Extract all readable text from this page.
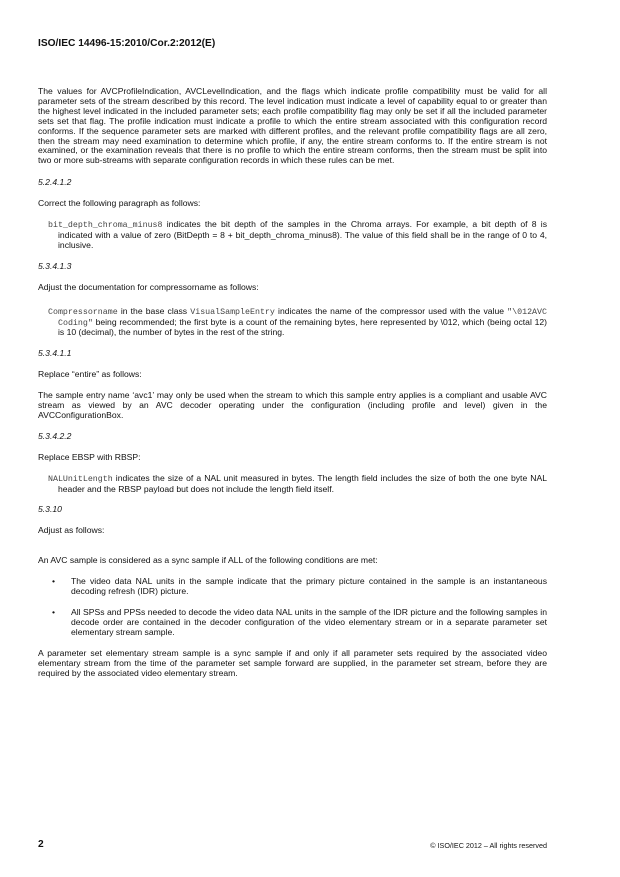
ISO/IEC 14496-15:2010/Cor.2:2012(E)

The values for AVCProfileIndication, AVCLevelIndication, and the flags which indicate profile compatibility must be valid for all parameter sets of the stream described by this record. The level indication must indicate a level of capability equal to or greater than the highest level indicated in the included parameter sets; each profile compatibility flag may only be set if all the included parameter sets set that flag. The profile indication must indicate a profile to which the entire stream associated with this configuration record conforms. If the sequence parameter sets are marked with different profiles, and the relevant profile compatibility flags are all zero, then the stream may need examination to determine which profile, if any, the entire stream conforms to. If the entire stream is not examined, or the examination reveals that there is no profile to which the entire stream conforms, then the stream must be split into two or more sub-streams with separate configuration records in which these rules can be met.

5.2.4.1.2

Correct the following paragraph as follows:

bit_depth_chroma_minus8 indicates the bit depth of the samples in the Chroma arrays. For example, a bit depth of 8 is indicated with a value of zero (BitDepth = 8 + bit_depth_chroma_minus8). The value of this field shall be in the range of 0 to 4, inclusive.

5.3.4.1.3

Adjust the documentation for compressorname as follows:

Compressorname in the base class VisualSampleEntry indicates the name of the compressor used with the value "\012AVC Coding" being recommended; the first byte is a count of the remaining bytes, here represented by \012, which (being octal 12) is 10 (decimal), the number of bytes in the rest of the string.

5.3.4.1.1

Replace “entire” as follows:

The sample entry name ‘avc1’ may only be used when the stream to which this sample entry applies is a compliant and usable AVC stream as viewed by an AVC decoder operating under the configuration (including profile and level) given in the AVCConfigurationBox.

5.3.4.2.2

Replace EBSP with RBSP:

NALUnitLength indicates the size of a NAL unit measured in bytes. The length field includes the size of both the one byte NAL header and the RBSP payload but does not include the length field itself.

5.3.10

Adjust as follows:

An AVC sample is considered as a sync sample if ALL of the following conditions are met:

• The video data NAL units in the sample indicate that the primary picture contained in the sample is an instantaneous decoding refresh (IDR) picture.
• All SPSs and PPSs needed to decode the video data NAL units in the sample of the IDR picture and the following samples in decode order are contained in the decoder configuration of the video elementary stream or in a separate parameter set elementary stream sample.

A parameter set elementary stream sample is a sync sample if and only if all parameter sets required by the associated video elementary stream from the time of the parameter set sample forward are supplied, in the parameter set stream, before they are required by the associated video elementary stream.

2	© ISO/IEC 2012 – All rights reserved
